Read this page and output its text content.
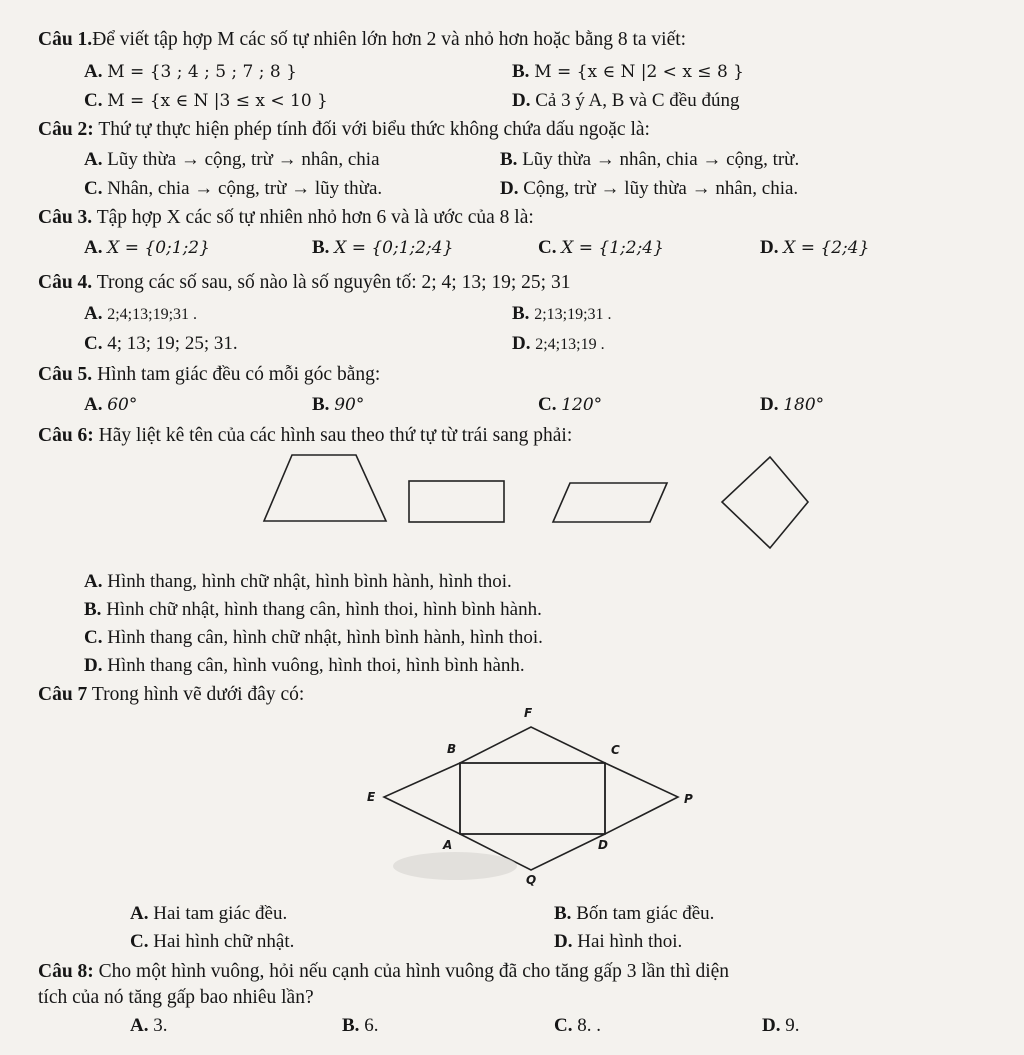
Câu 1.Để viết tập hợp M các số tự nhiên lớn hơn 2 và nhỏ hơn hoặc bằng 8 ta viết:
A. M = {3 ; 4 ; 5 ; 7 ; 8 }	B. M = {x ∈ N |2 < x ≤ 8 }
C. M = {x ∈ N |3 ≤ x < 10 }	D. Cả 3 ý A, B và C đều đúng
Câu 2: Thứ tự thực hiện phép tính đối với biểu thức không chứa dấu ngoặc là:
A. Lũy thừa → cộng, trừ → nhân, chia	B. Lũy thừa → nhân, chia → cộng, trừ.
C. Nhân, chia → cộng, trừ → lũy thừa.	D. Cộng, trừ → lũy thừa → nhân, chia.
Câu 3. Tập hợp X các số tự nhiên nhỏ hơn 6 và là ước của 8 là:
A. X = {0;1;2}	B. X = {0;1;2;4}	C. X = {1;2;4}	D. X = {2;4}
Câu 4. Trong các số sau, số nào là số nguyên tố: 2; 4; 13; 19; 25; 31
A. 2;4;13;19;31 .	B. 2;13;19;31 .
C. 4; 13; 19; 25; 31.	D. 2;4;13;19 .
Câu 5. Hình tam giác đều có mỗi góc bằng:
A. 60°	B. 90°	C. 120°	D. 180°
Câu 6: Hãy liệt kê tên của các hình sau theo thứ tự từ trái sang phải:
F
B	C
E	P
A	D
Q
A. Hình thang, hình chữ nhật, hình bình hành, hình thoi.
B. Hình chữ nhật, hình thang cân, hình thoi, hình bình hành.
C. Hình thang cân, hình chữ nhật, hình bình hành, hình thoi.
D. Hình thang cân, hình vuông, hình thoi, hình bình hành.
Câu 7 Trong hình vẽ dưới đây có:
A. Hai tam giác đều.	B. Bốn tam giác đều.
C. Hai hình chữ nhật.	D. Hai hình thoi.
Câu 8: Cho một hình vuông, hỏi nếu cạnh của hình vuông đã cho tăng gấp 3 lần thì diện
tích của nó tăng gấp bao nhiêu lần?
A. 3.	B. 6.	C. 8. .	D. 9.
